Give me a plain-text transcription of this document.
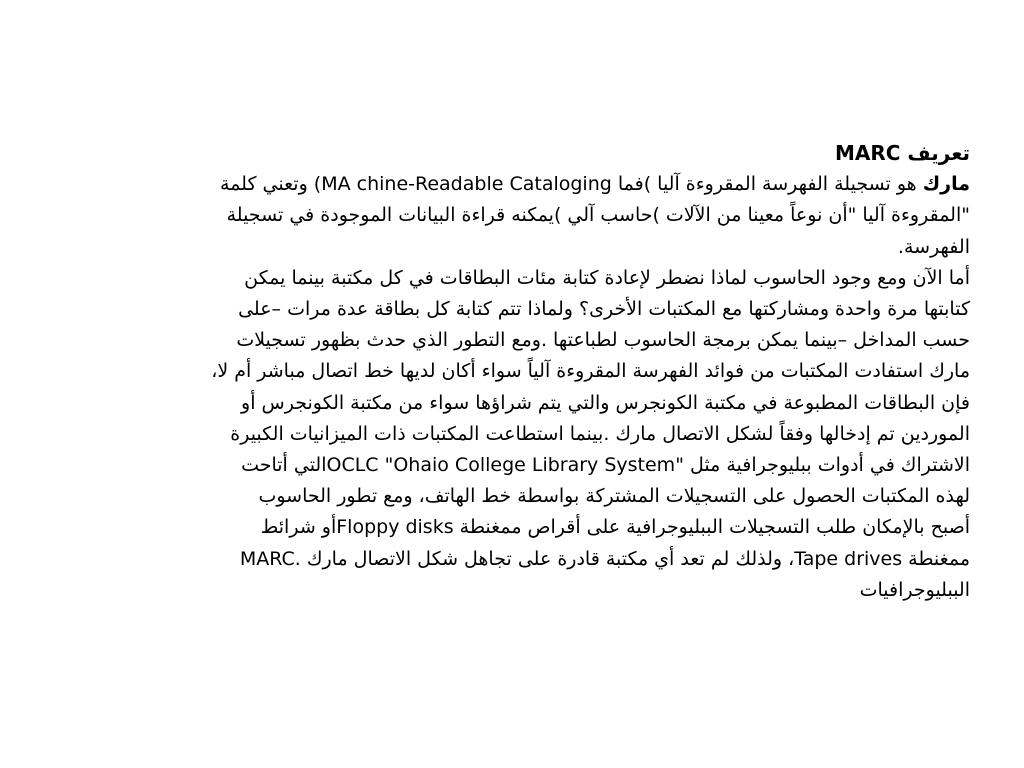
تعريف MARC
مارك هو تسجيلة الفهرسة المقروءة آليا )فما MA chine-Readable Cataloging) وتعني كلمة
"المقروءة آليا "أن نوعاً معينا من الآلات )حاسب آلي )يمكنه قراءة البيانات الموجودة في تسجيلة
الفهرسة.
أما الآن ومع وجود الحاسوب لماذا نضطر لإعادة كتابة مئات البطاقات في كل مكتبة بينما يمكن
كتابتها مرة واحدة ومشاركتها مع المكتبات الأخرى؟ ولماذا تتم كتابة كل بطاقة عدة مرات –على
حسب المداخل –بينما يمكن برمجة الحاسوب لطباعتها .ومع التطور الذي حدث بظهور تسجيلات
مارك استفادت المكتبات من فوائد الفهرسة المقروءة آلياً سواء أكان لديها خط اتصال مباشر أم لا،
فإن البطاقات المطبوعة في مكتبة الكونجرس والتي يتم شراؤها سواء من مكتبة الكونجرس أو
الموردين تم إدخالها وفقاً لشكل الاتصال مارك .بينما استطاعت المكتبات ذات الميزانيات الكبيرة
الاشتراك في أدوات ببليوجرافية مثل "OCLC "Ohaio College Library Systemالتي أتاحت
لهذه المكتبات الحصول على التسجيلات المشتركة بواسطة خط الهاتف، ومع تطور الحاسوب
أصبح بالإمكان طلب التسجيلات الببليوجرافية على أقراص ممغنطة Floppy disksأو شرائط
ممغنطة Tape drives، ولذلك لم تعد أي مكتبة قادرة على تجاهل شكل الاتصال مارك .MARC
الببليوجرافيات
